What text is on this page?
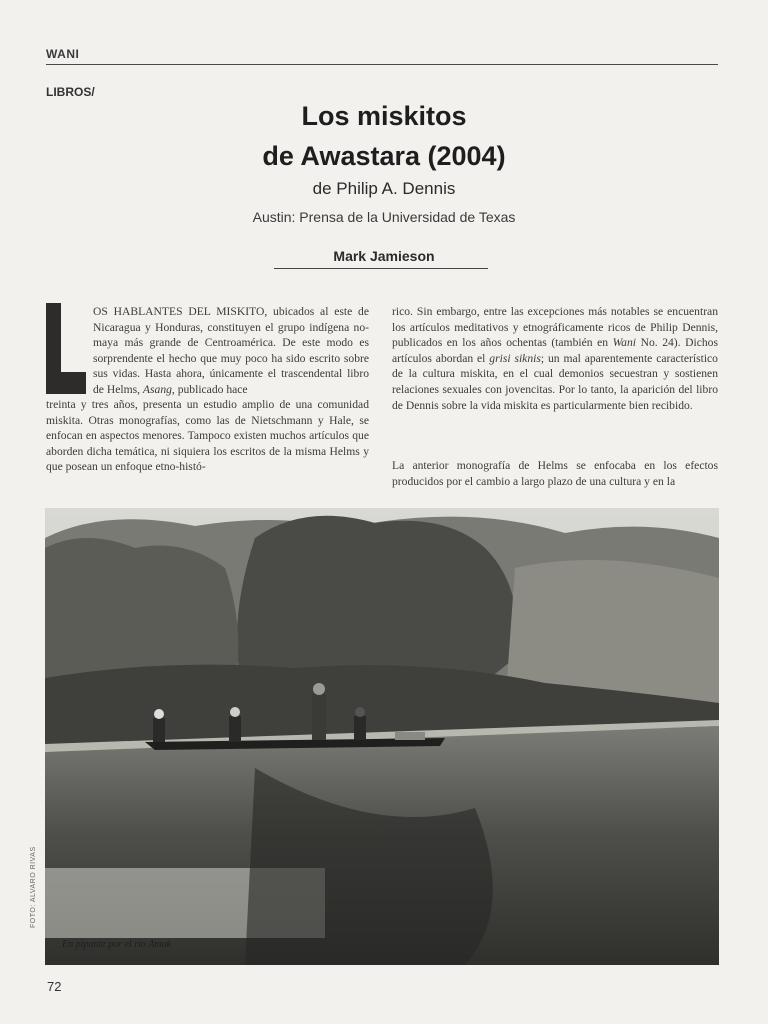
WANI
LIBROS/
Los miskitos
de Awastara (2004)
de Philip A. Dennis
Austin: Prensa de la Universidad de Texas
Mark Jamieson

OS HABLANTES DEL MISKITO, ubicados al este de Nicaragua y Honduras, constituyen el grupo indígena no-maya más grande de Centroamérica. De este modo es sorprendente el hecho que muy poco ha sido escrito sobre sus vidas. Hasta ahora, únicamente el trascendental libro de Helms, Asang, publicado hace

treinta y tres años, presenta un estudio amplio de una comunidad miskita. Otras monografías, como las de Nietschmann y Hale, se enfocan en aspectos menores. Tampoco existen muchos artículos que aborden dicha temática, ni siquiera los escritos de la misma Helms y que posean un enfoque etno-histó-

rico. Sin embargo, entre las excepciones más notables se encuentran los artículos meditativos y etnográficamente ricos de Philip Dennis, publicados en los años ochentas (también en Wani No. 24). Dichos artículos abordan el grisi siknis; un mal aparentemente característico de la cultura miskita, en el cual demonios secuestran y sostienen relaciones sexuales con jovencitas. Por lo tanto, la aparición del libro de Dennis sobre la vida miskita es particularmente bien recibido.

La anterior monografía de Helms se enfocaba en los efectos producidos por el cambio a largo plazo de una cultura y en la

En pipante por el río Amak
FOTO: ALVARO RIVAS
72
